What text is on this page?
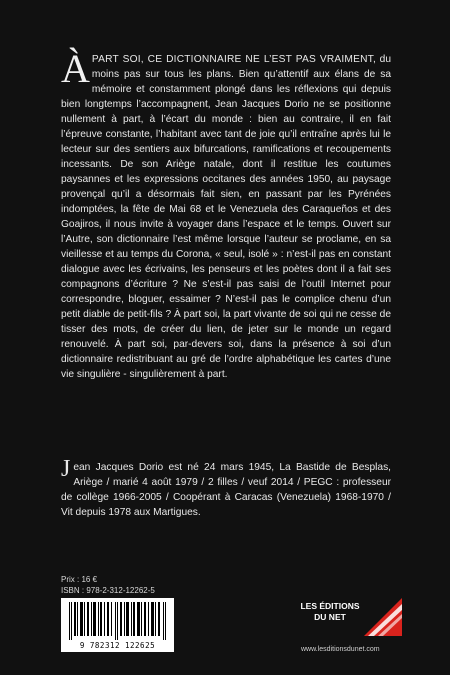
ÀPART SOI, CE DICTIONNAIRE NE L’EST PAS VRAIMENT, du moins pas sur tous les plans. Bien qu’attentif aux élans de sa mémoire et constamment plongé dans les réflexions qui depuis bien longtemps l’accompagnent, Jean Jacques Dorio ne se positionne nullement à part, à l’écart du monde : bien au contraire, il en fait l’épreuve constante, l’habitant avec tant de joie qu’il entraîne après lui le lecteur sur des sentiers aux bifurcations, ramifications et recoupements incessants. De son Ariège natale, dont il restitue les coutumes paysannes et les expressions occitanes des années 1950, au paysage provençal qu’il a désormais fait sien, en passant par les Pyrénées indomptées, la fête de Mai 68 et le Venezuela des Caraqueños et des Goajiros, il nous invite à voyager dans l’espace et le temps. Ouvert sur l’Autre, son dictionnaire l’est même lorsque l’auteur se proclame, en sa vieillesse et au temps du Corona, « seul, isolé » : n’est-il pas en constant dialogue avec les écrivains, les penseurs et les poètes dont il a fait ses compagnons d’écriture ? Ne s’est-il pas saisi de l’outil Internet pour correspondre, bloguer, essaimer ? N’est-il pas le complice chenu d’un petit diable de petit-fils ? À part soi, la part vivante de soi qui ne cesse de tisser des mots, de créer du lien, de jeter sur le monde un regard renouvelé. À part soi, par-devers soi, dans la présence à soi d’un dictionnaire redistribuant au gré de l’ordre alphabétique les cartes d’une vie singulière - singulièrement à part.

Jean Jacques Dorio est né 24 mars 1945, La Bastide de Besplas, Ariège / marié 4 août 1979 / 2 filles / veuf 2014 / PEGC : professeur de collège 1966-2005 / Coopérant à Caracas (Venezuela) 1968-1970 / Vit depuis 1978 aux Martigues.

Prix : 16 €
ISBN : 978-2-312-12262-5
9 782312 122625
LES ÉDITIONS
DU NET
www.lesditionsdunet.com
